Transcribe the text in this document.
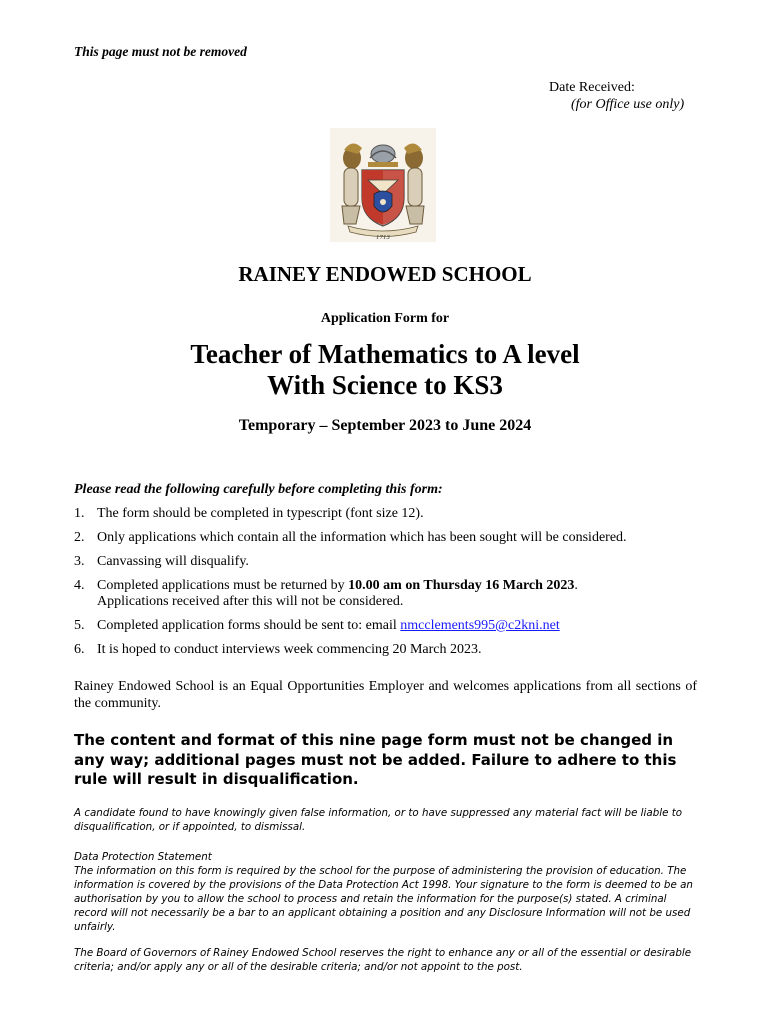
This page must not be removed
Date Received:
(for Office use only)
1713
RAINEY ENDOWED SCHOOL
Application Form for
Teacher of Mathematics to A level
With Science to KS3
Temporary – September 2023 to June 2024
Please read the following carefully before completing this form:
1. The form should be completed in typescript (font size 12).
2. Only applications which contain all the information which has been sought will be considered.
3. Canvassing will disqualify.
4. Completed applications must be returned by 10.00 am on Thursday 16 March 2023.
Applications received after this will not be considered.
5. Completed application forms should be sent to: email nmcclements995@c2kni.net
6. It is hoped to conduct interviews week commencing 20 March 2023.
Rainey Endowed School is an Equal Opportunities Employer and welcomes applications from all sections of the community.
The content and format of this nine page form must not be changed in any way; additional pages must not be added. Failure to adhere to this rule will result in disqualification.
A candidate found to have knowingly given false information, or to have suppressed any material fact will be liable to disqualification, or if appointed, to dismissal.

Data Protection Statement

The information on this form is required by the school for the purpose of administering the provision of education. The information is covered by the provisions of the Data Protection Act 1998. Your signature to the form is deemed to be an authorisation by you to allow the school to process and retain the information for the purpose(s) stated. A criminal record will not necessarily be a bar to an applicant obtaining a position and any Disclosure Information will not be used unfairly.

The Board of Governors of Rainey Endowed School reserves the right to enhance any or all of the essential or desirable criteria; and/or apply any or all of the desirable criteria; and/or not appoint to the post.
